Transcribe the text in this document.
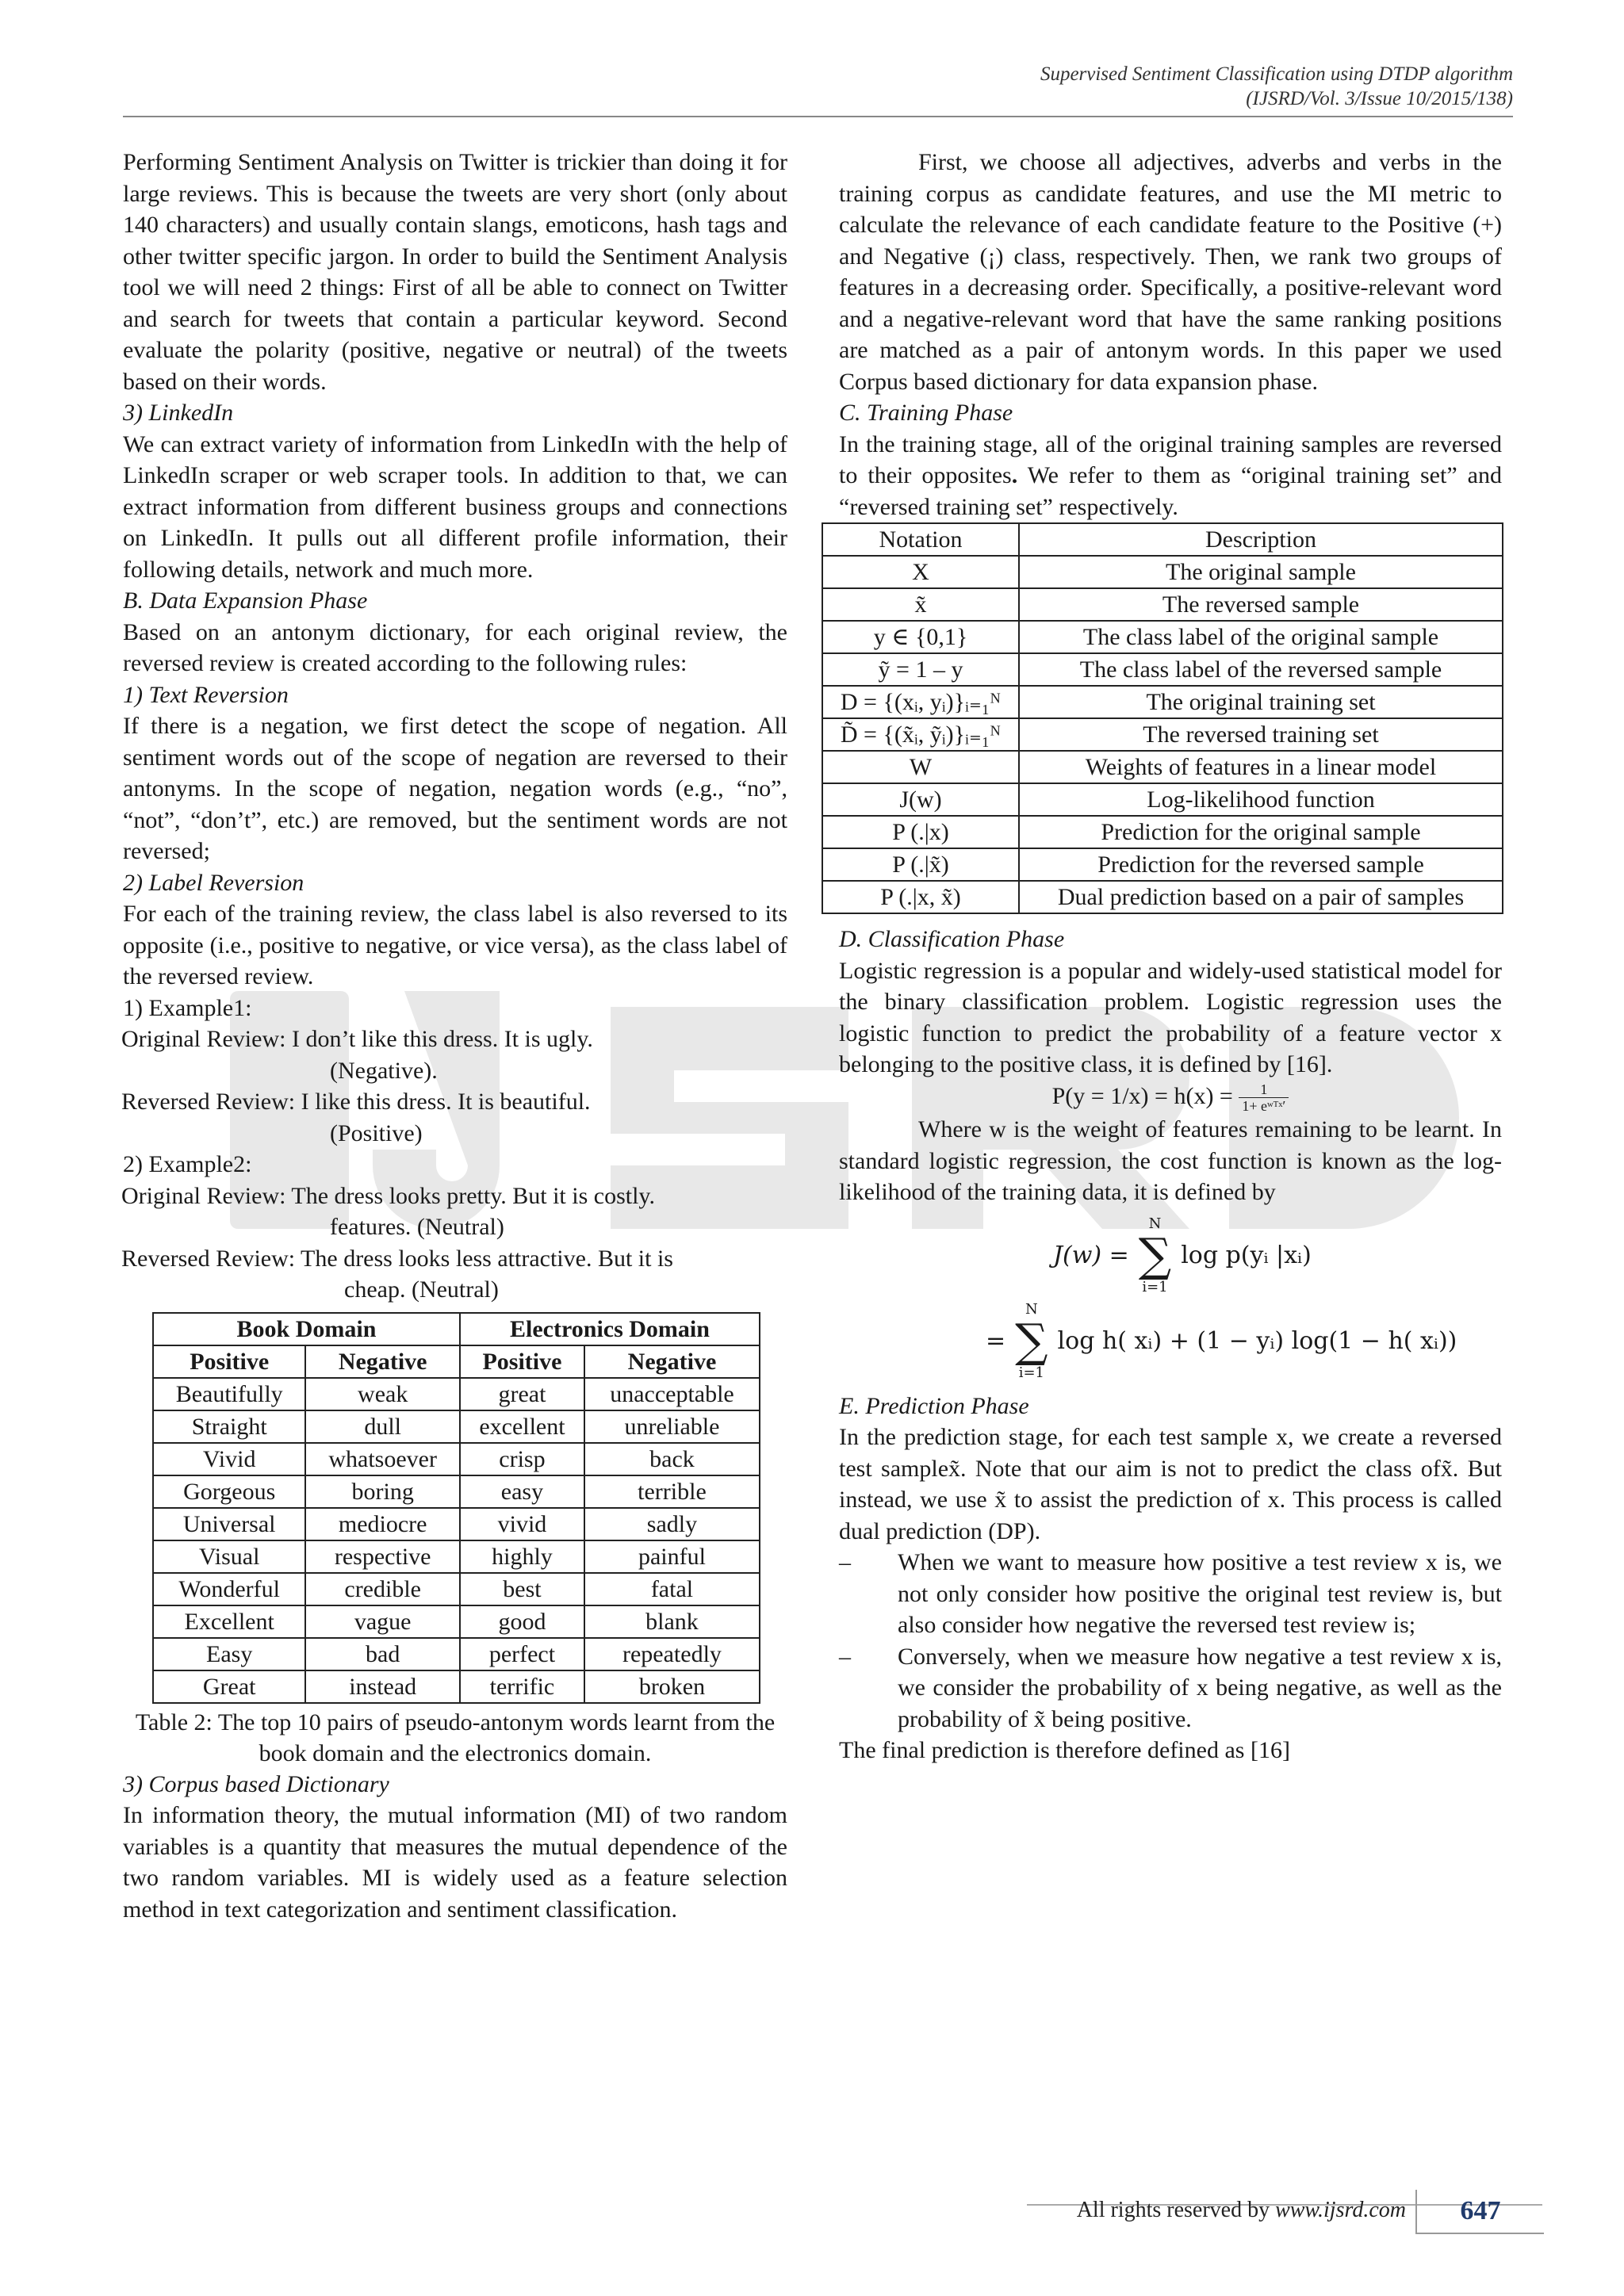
Supervised Sentiment Classification using DTDP algorithm
(IJSRD/Vol. 3/Issue 10/2015/138)

Performing Sentiment Analysis on Twitter is trickier than doing it for large reviews. This is because the tweets are very short (only about 140 characters) and usually contain slangs, emoticons, hash tags and other twitter specific jargon. In order to build the Sentiment Analysis tool we will need 2 things: First of all be able to connect on Twitter and search for tweets that contain a particular keyword. Second evaluate the polarity (positive, negative or neutral) of the tweets based on their words.

3) LinkedIn

We can extract variety of information from LinkedIn with the help of LinkedIn scraper or web scraper tools. In addition to that, we can extract information from different business groups and connections on LinkedIn. It pulls out all different profile information, their following details, network and much more.

B. Data Expansion Phase

Based on an antonym dictionary, for each original review, the reversed review is created according to the following rules:

1) Text Reversion

If there is a negation, we first detect the scope of negation. All sentiment words out of the scope of negation are reversed to their antonyms. In the scope of negation, negation words (e.g., “no”, “not”, “don’t”, etc.) are removed, but the sentiment words are not reversed;

2) Label Reversion

For each of the training review, the class label is also reversed to its opposite (i.e., positive to negative, or vice versa), as the class label of the reversed review.

1) Example1:

Original Review: I don’t like this dress. It is ugly.

(Negative).

Reversed Review: I like this dress. It is beautiful.

(Positive)

2) Example2:

Original Review: The dress looks pretty. But it is costly.

features. (Neutral)

Reversed Review: The dress looks less attractive. But it is

cheap. (Neutral)

Book Domain		Electronics Domain	
Positive	Negative	Positive	Negative
Beautifully	weak	great	unacceptable
Straight	dull	excellent	unreliable
Vivid	whatsoever	crisp	back
Gorgeous	boring	easy	terrible
Universal	mediocre	vivid	sadly
Visual	respective	highly	painful
Wonderful	credible	best	fatal
Excellent	vague	good	blank
Easy	bad	perfect	repeatedly
Great	instead	terrific	broken

Table 2: The top 10 pairs of pseudo-antonym words learnt from the book domain and the electronics domain.

3) Corpus based Dictionary

In information theory, the mutual information (MI) of two random variables is a quantity that measures the mutual dependence of the two random variables. MI is widely used as a feature selection method in text categorization and sentiment classification.

First, we choose all adjectives, adverbs and verbs in the training corpus as candidate features, and use the MI metric to calculate the relevance of each candidate feature to the Positive (+) and Negative (¡) class, respectively. Then, we rank two groups of features in a decreasing order. Specifically, a positive-relevant word and a negative-relevant word that have the same ranking positions are matched as a pair of antonym words. In this paper we used Corpus based dictionary for data expansion phase.

C. Training Phase

In the training stage, all of the original training samples are reversed to their opposites. We refer to them as “original training set” and “reversed training set” respectively.

Notation	Description
X	The original sample
x̃	The reversed sample
y ∈ {0,1}	The class label of the original sample
ỹ = 1 – y	The class label of the reversed sample
D = {(xᵢ, yᵢ)}ᵢ₌₁ᴺ	The original training set
D̃ = {(x̃ᵢ, ỹᵢ)}ᵢ₌₁ᴺ	The reversed training set
W	Weights of features in a linear model
J(w)	Log-likelihood function
P (.|x)	Prediction for the original sample
P (.|x̃)	Prediction for the reversed sample
P (.|x, x̃)	Dual prediction based on a pair of samples

D. Classification Phase

Logistic regression is a popular and widely-used statistical model for the binary classification problem. Logistic regression uses the logistic function to predict the probability of a feature vector x belonging to the positive class, it is defined by [16].

$P(y = 1/x) = h(x) = \frac{1}{\text{1+ eʷᵀˣ′}}$

Where w is the weight of features remaining to be learnt. In standard logistic regression, the cost function is known as the log-likelihood of the training data, it is defined by

J(w) =
N
∑
i=1
log p(yᵢ |xᵢ)
=
N
∑
i=1
log h( xᵢ) + (1 − yᵢ) log(1 − h( xᵢ))

E. Prediction Phase

In the prediction stage, for each test sample x, we create a reversed test samplex̃. Note that our aim is not to predict the class ofx̃. But instead, we use x̃ to assist the prediction of x. This process is called dual prediction (DP).

–	When we want to measure how positive a test review x is, we not only consider how positive the original test review is, but also consider how negative the reversed test review is;
–	Conversely, when we measure how negative a test review x is, we consider the probability of x being negative, as well as the probability of x̃ being positive.

The final prediction is therefore defined as [16]

All rights reserved by www.ijsrd.com	647
